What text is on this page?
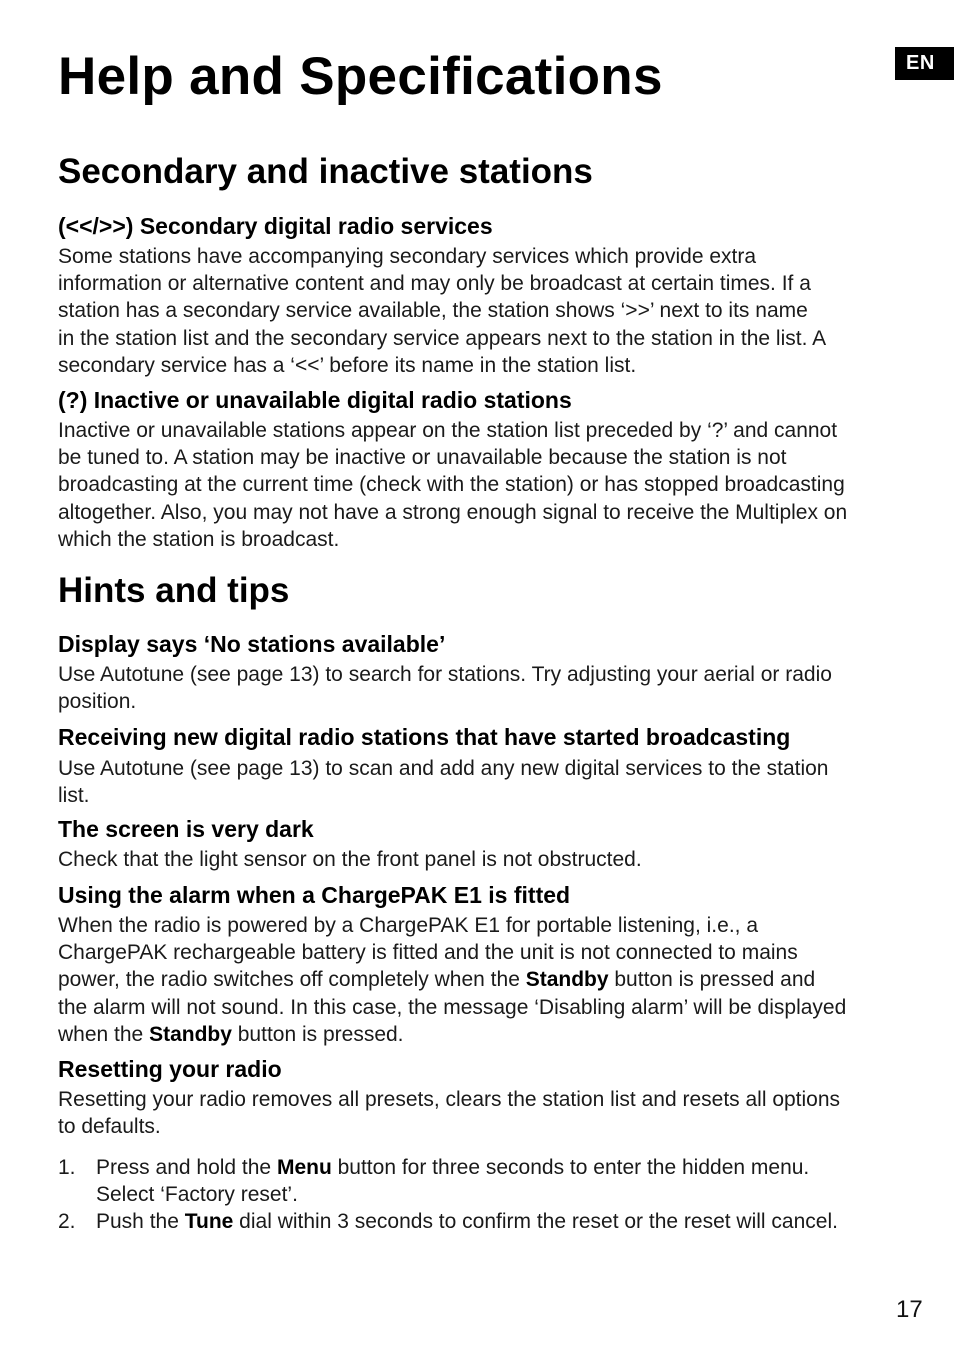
EN
Help and Specifications
Secondary and inactive stations
(<</>>) Secondary digital radio services

Some stations have accompanying secondary services which provide extra
information or alternative content and may only be broadcast at certain times. If a
station has a secondary service available, the station shows ‘>>’ next to its name
in the station list and the secondary service appears next to the station in the list. A
secondary service has a ‘<<’ before its name in the station list.

(?) Inactive or unavailable digital radio stations

Inactive or unavailable stations appear on the station list preceded by ‘?’ and cannot
be tuned to. A station may be inactive or unavailable because the station is not
broadcasting at the current time (check with the station) or has stopped broadcasting
altogether. Also, you may not have a strong enough signal to receive the Multiplex on
which the station is broadcast.

Hints and tips
Display says ‘No stations available’

Use Autotune (see page 13) to search for stations. Try adjusting your aerial or radio
position.

Receiving new digital radio stations that have started broadcasting

Use Autotune (see page 13) to scan and add any new digital services to the station
list.

The screen is very dark

Check that the light sensor on the front panel is not obstructed.

Using the alarm when a ChargePAK E1 is fitted

When the radio is powered by a ChargePAK E1 for portable listening, i.e., a
ChargePAK rechargeable battery is fitted and the unit is not connected to mains
power, the radio switches off completely when the Standby button is pressed and
the alarm will not sound. In this case, the message ‘Disabling alarm’ will be displayed
when the Standby button is pressed.

Resetting your radio

Resetting your radio removes all presets, clears the station list and resets all options
to defaults.

1. Press and hold the Menu button for three seconds to enter the hidden menu.
Select ‘Factory reset’.
2. Push the Tune dial within 3 seconds to confirm the reset or the reset will cancel.
17
